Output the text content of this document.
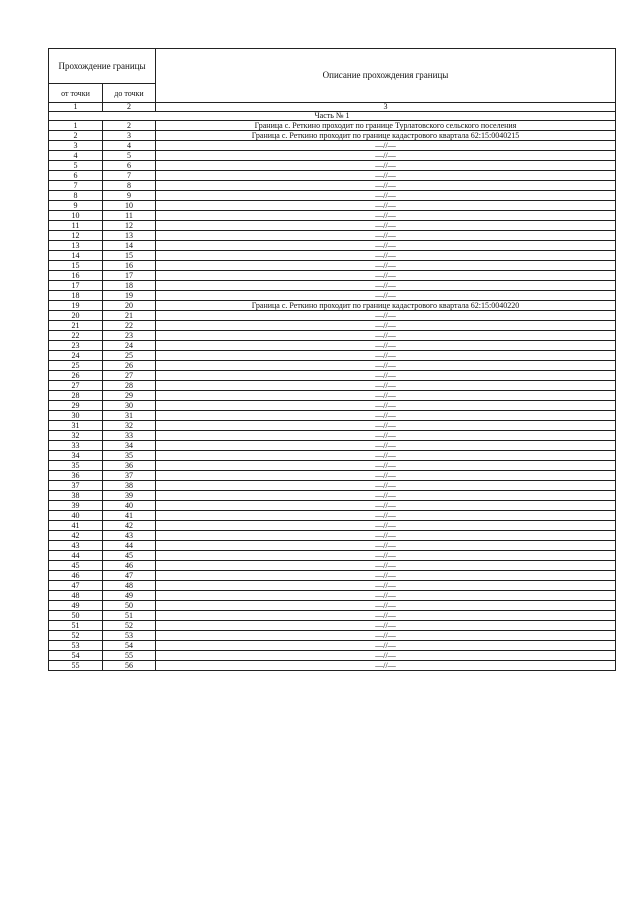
Прохождение границы		Описание прохождения границы
от точки	до точки	
1	2	3
Часть № 1		
1	2	Граница с. Реткино проходит по границе Турлатовского сельского поселения
2	3	Граница с. Реткино проходит по границе кадастрового квартала 62:15:0040215
3	4	—//—
4	5	—//—
5	6	—//—
6	7	—//—
7	8	—//—
8	9	—//—
9	10	—//—
10	11	—//—
11	12	—//—
12	13	—//—
13	14	—//—
14	15	—//—
15	16	—//—
16	17	—//—
17	18	—//—
18	19	—//—
19	20	Граница с. Реткино проходит по границе кадастрового квартала 62:15:0040220
20	21	—//—
21	22	—//—
22	23	—//—
23	24	—//—
24	25	—//—
25	26	—//—
26	27	—//—
27	28	—//—
28	29	—//—
29	30	—//—
30	31	—//—
31	32	—//—
32	33	—//—
33	34	—//—
34	35	—//—
35	36	—//—
36	37	—//—
37	38	—//—
38	39	—//—
39	40	—//—
40	41	—//—
41	42	—//—
42	43	—//—
43	44	—//—
44	45	—//—
45	46	—//—
46	47	—//—
47	48	—//—
48	49	—//—
49	50	—//—
50	51	—//—
51	52	—//—
52	53	—//—
53	54	—//—
54	55	—//—
55	56	—//—
